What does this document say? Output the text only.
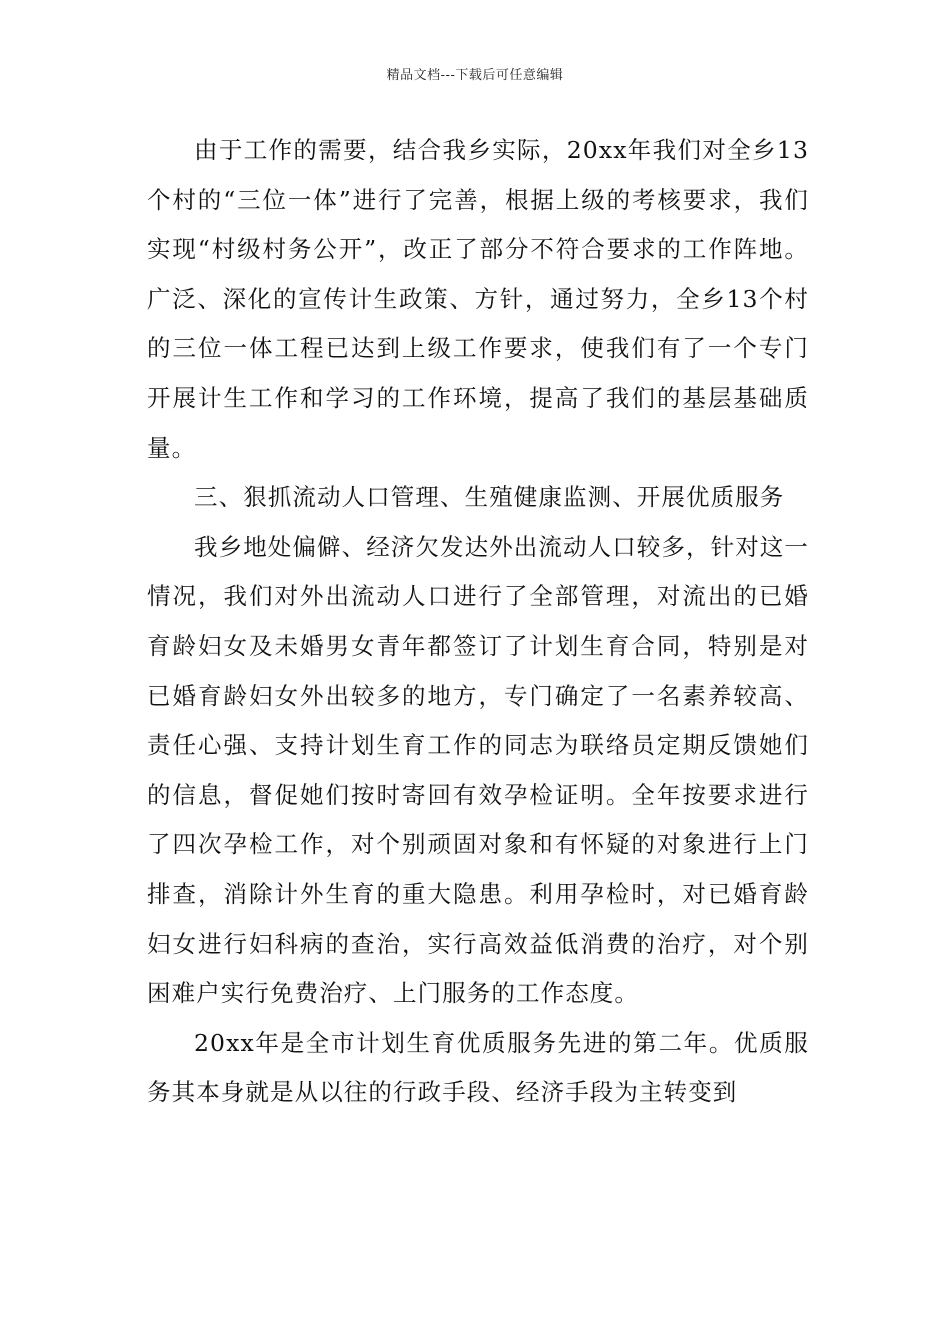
精品文档---下载后可任意编辑

由于工作的需要，结合我乡实际，20xx年我们对全乡13个村的“三位一体”进行了完善，根据上级的考核要求，我们实现“村级村务公开”，改正了部分不符合要求的工作阵地。广泛、深化的宣传计生政策、方针，通过努力，全乡13个村的三位一体工程已达到上级工作要求，使我们有了一个专门开展计生工作和学习的工作环境，提高了我们的基层基础质量。

三、狠抓流动人口管理、生殖健康监测、开展优质服务

我乡地处偏僻、经济欠发达外出流动人口较多，针对这一情况，我们对外出流动人口进行了全部管理，对流出的已婚育龄妇女及未婚男女青年都签订了计划生育合同，特别是对已婚育龄妇女外出较多的地方，专门确定了一名素养较高、责任心强、支持计划生育工作的同志为联络员定期反馈她们的信息，督促她们按时寄回有效孕检证明。全年按要求进行了四次孕检工作，对个别顽固对象和有怀疑的对象进行上门排查，消除计外生育的重大隐患。利用孕检时，对已婚育龄妇女进行妇科病的查治，实行高效益低消费的治疗，对个别困难户实行免费治疗、上门服务的工作态度。

20xx年是全市计划生育优质服务先进的第二年。优质服务其本身就是从以往的行政手段、经济手段为主转变到
